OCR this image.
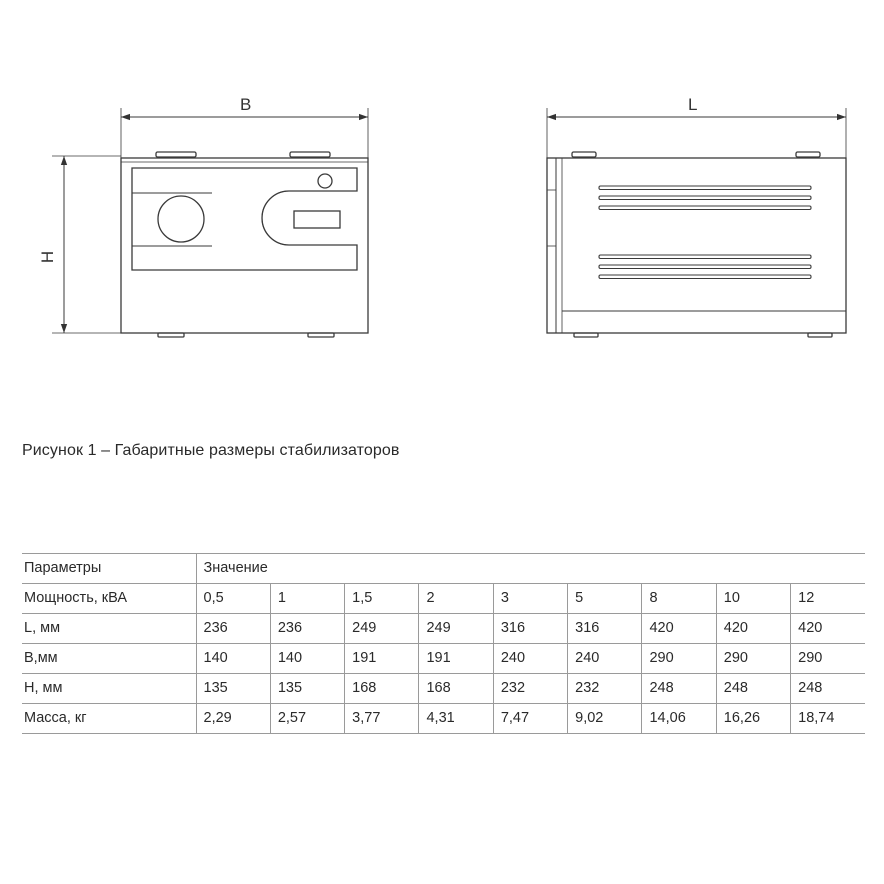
B
H
L
Рисунок 1 – Габаритные размеры стабилизаторов
Параметры	Значение								
Мощность, кВА	0,5	1	1,5	2	3	5	8	10	12
L, мм	236	236	249	249	316	316	420	420	420
В,мм	140	140	191	191	240	240	290	290	290
H, мм	135	135	168	168	232	232	248	248	248
Масса, кг	2,29	2,57	3,77	4,31	7,47	9,02	14,06	16,26	18,74
